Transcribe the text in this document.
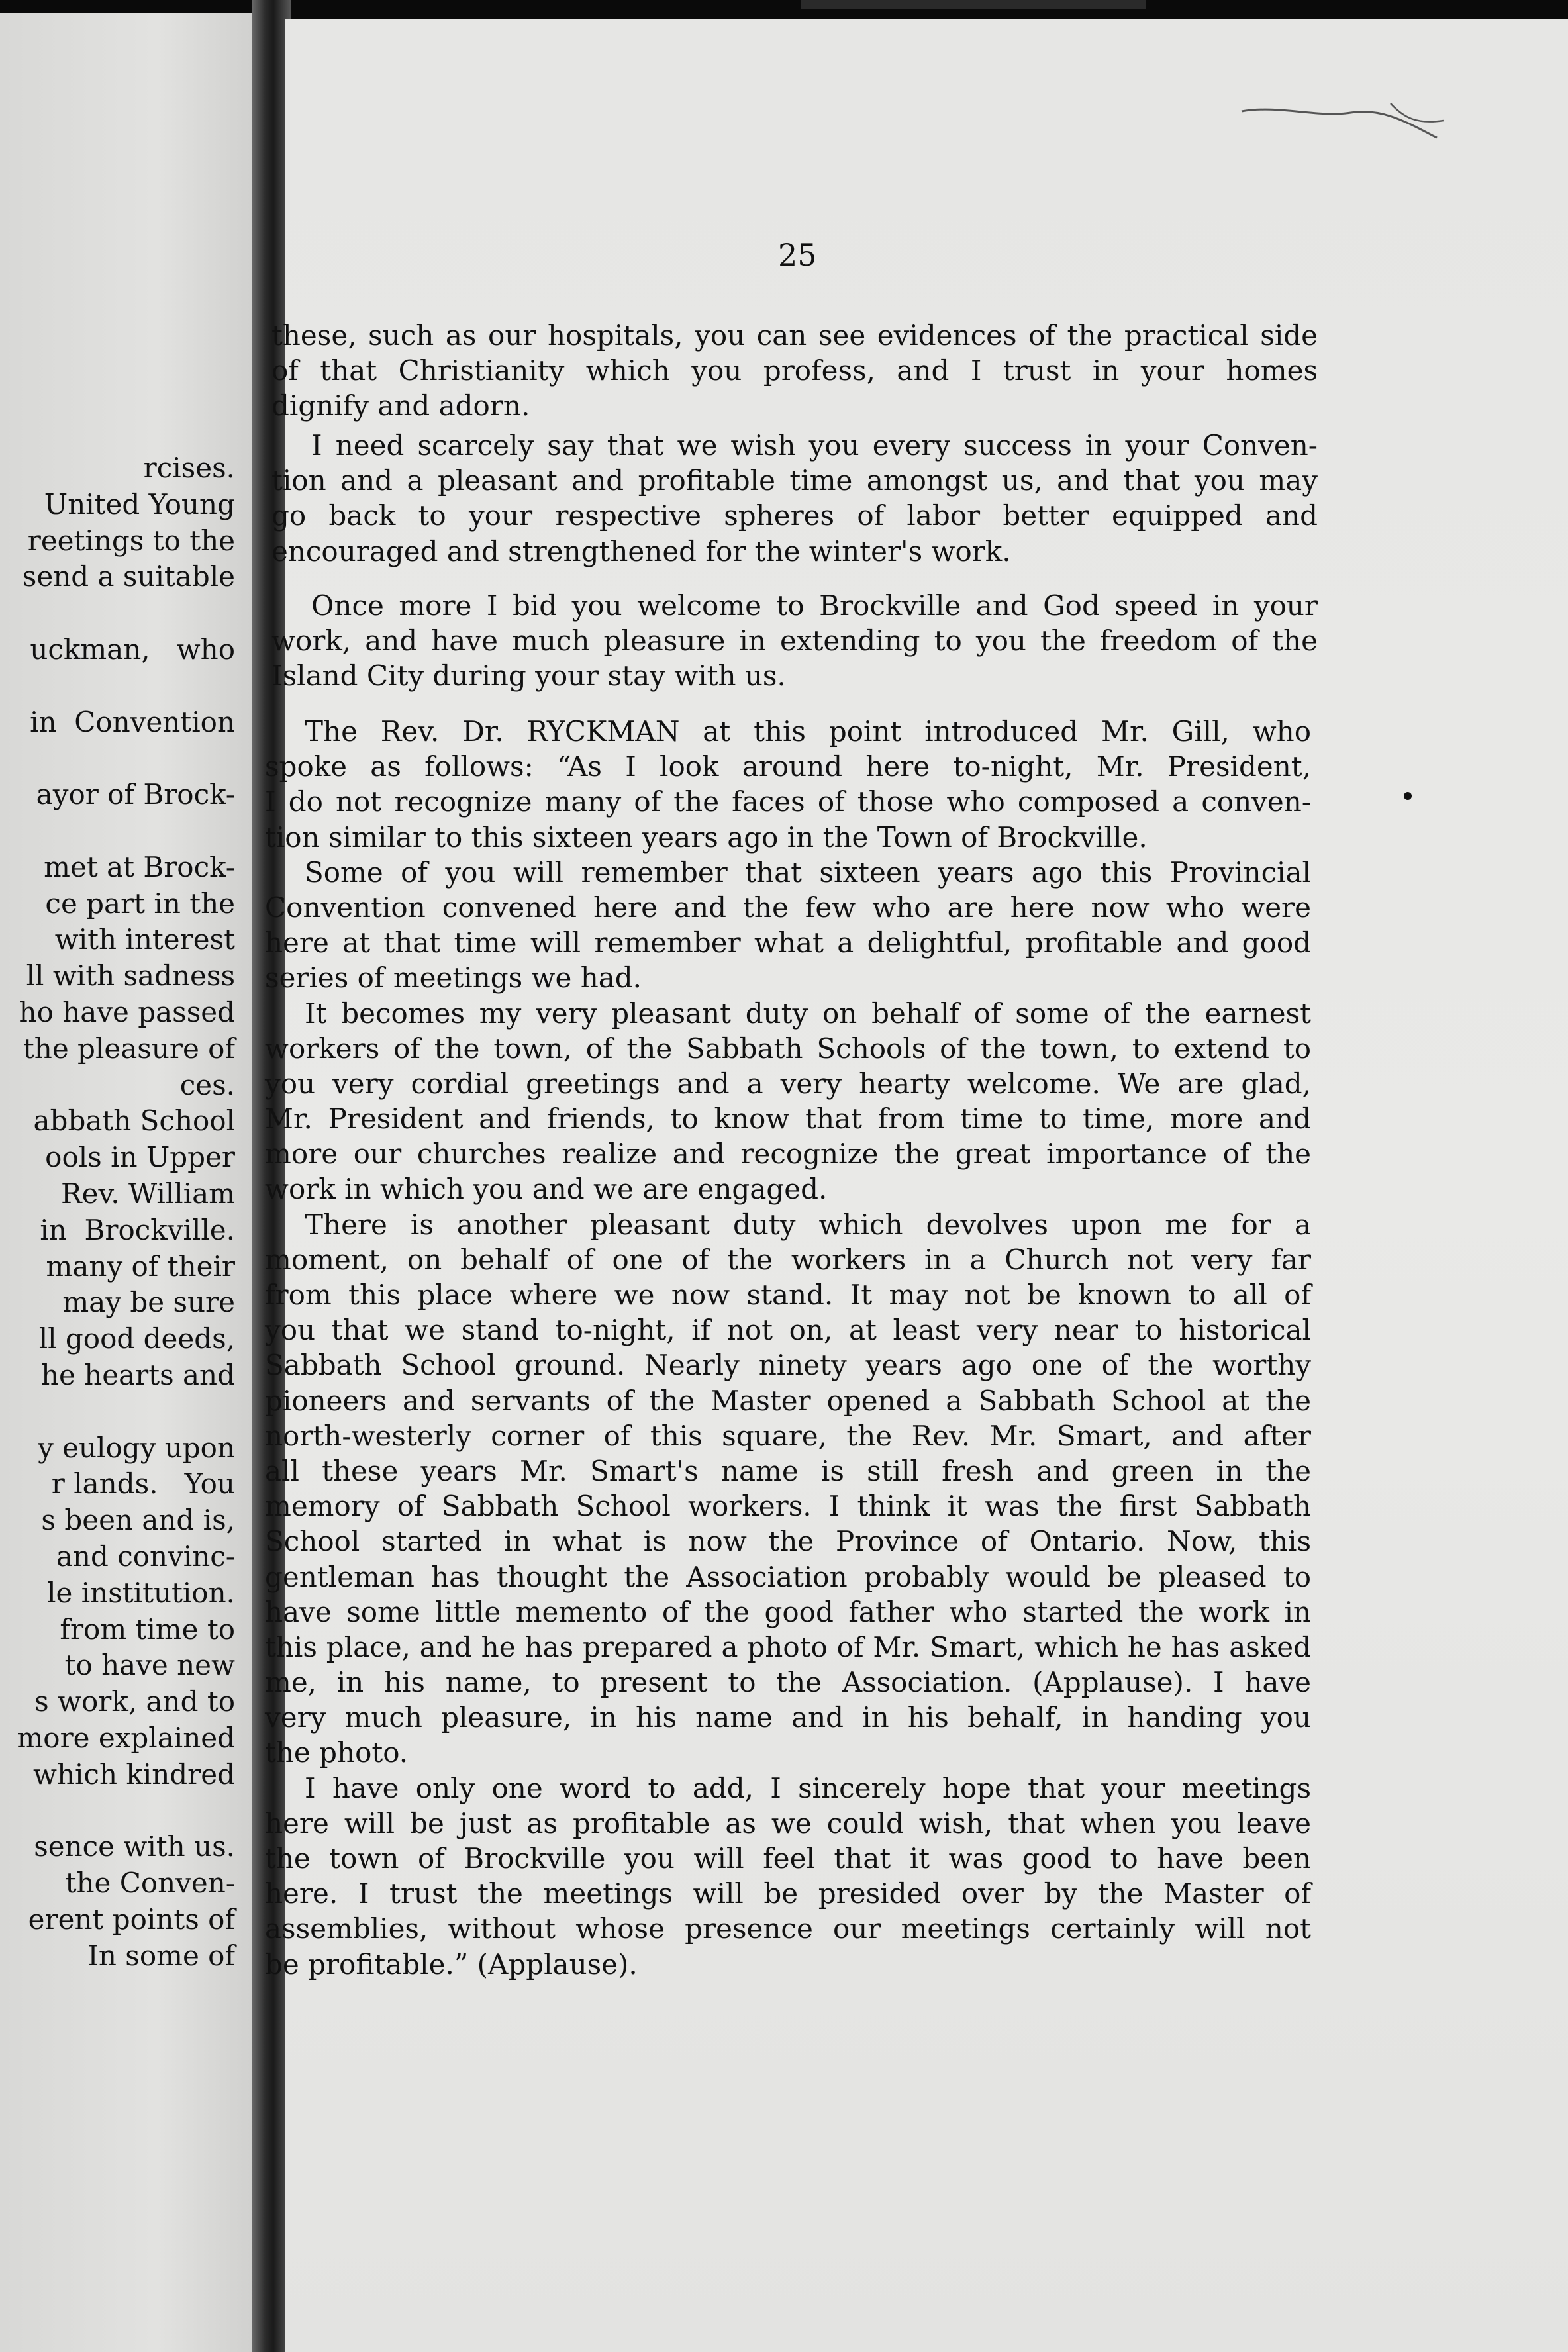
rcises.
United Young
reetings to the
send a suitable
uckman,   who
in  Convention
ayor of Brock-
met at Brock-
ce part in the
with interest
ll with sadness
ho have passed
the pleasure of
ces.
abbath School
ools in Upper
Rev. William
in  Brockville.
many of their
may be sure
ll good deeds,
he hearts and
y eulogy upon
r lands.   You
s been and is,
and convinc-
le institution.
from time to
to have new
s work, and to
more explained
which kindred
sence with us.
the Conven-
erent points of
In some of
25
these, such as our hospitals, you can see evidences of the practical side
of that Christianity which you profess, and I trust in your homes
dignify and adorn.
I need scarcely say that we wish you every success in your Conven-
tion and a pleasant and profitable time amongst us, and that you may
go back to your respective spheres of labor better equipped and
encouraged and strengthened for the winter's work.
Once more I bid you welcome to Brockville and God speed in your
work, and have much pleasure in extending to you the freedom of the
Island City during your stay with us.
The Rev. Dr. RYCKMAN at this point introduced Mr. Gill, who
spoke as follows: “As I look around here to-night, Mr. President,
I do not recognize many of the faces of those who composed a conven-
tion similar to this sixteen years ago in the Town of Brockville.
Some of you will remember that sixteen years ago this Provincial
Convention convened here and the few who are here now who were
here at that time will remember what a delightful, profitable and good
series of meetings we had.
It becomes my very pleasant duty on behalf of some of the earnest
workers of the town, of the Sabbath Schools of the town, to extend to
you very cordial greetings and a very hearty welcome. We are glad,
Mr. President and friends, to know that from time to time, more and
more our churches realize and recognize the great importance of the
work in which you and we are engaged.
There is another pleasant duty which devolves upon me for a
moment, on behalf of one of the workers in a Church not very far
from this place where we now stand. It may not be known to all of
you that we stand to-night, if not on, at least very near to historical
Sabbath School ground. Nearly ninety years ago one of the worthy
pioneers and servants of the Master opened a Sabbath School at the
north-westerly corner of this square, the Rev. Mr. Smart, and after
all these years Mr. Smart's name is still fresh and green in the
memory of Sabbath School workers. I think it was the first Sabbath
School started in what is now the Province of Ontario. Now, this
gentleman has thought the Association probably would be pleased to
have some little memento of the good father who started the work in
this place, and he has prepared a photo of Mr. Smart, which he has asked
me, in his name, to present to the Association. (Applause). I have
very much pleasure, in his name and in his behalf, in handing you
the photo.
I have only one word to add, I sincerely hope that your meetings
here will be just as profitable as we could wish, that when you leave
the town of Brockville you will feel that it was good to have been
here. I trust the meetings will be presided over by the Master of
assemblies, without whose presence our meetings certainly will not
be profitable.” (Applause).
